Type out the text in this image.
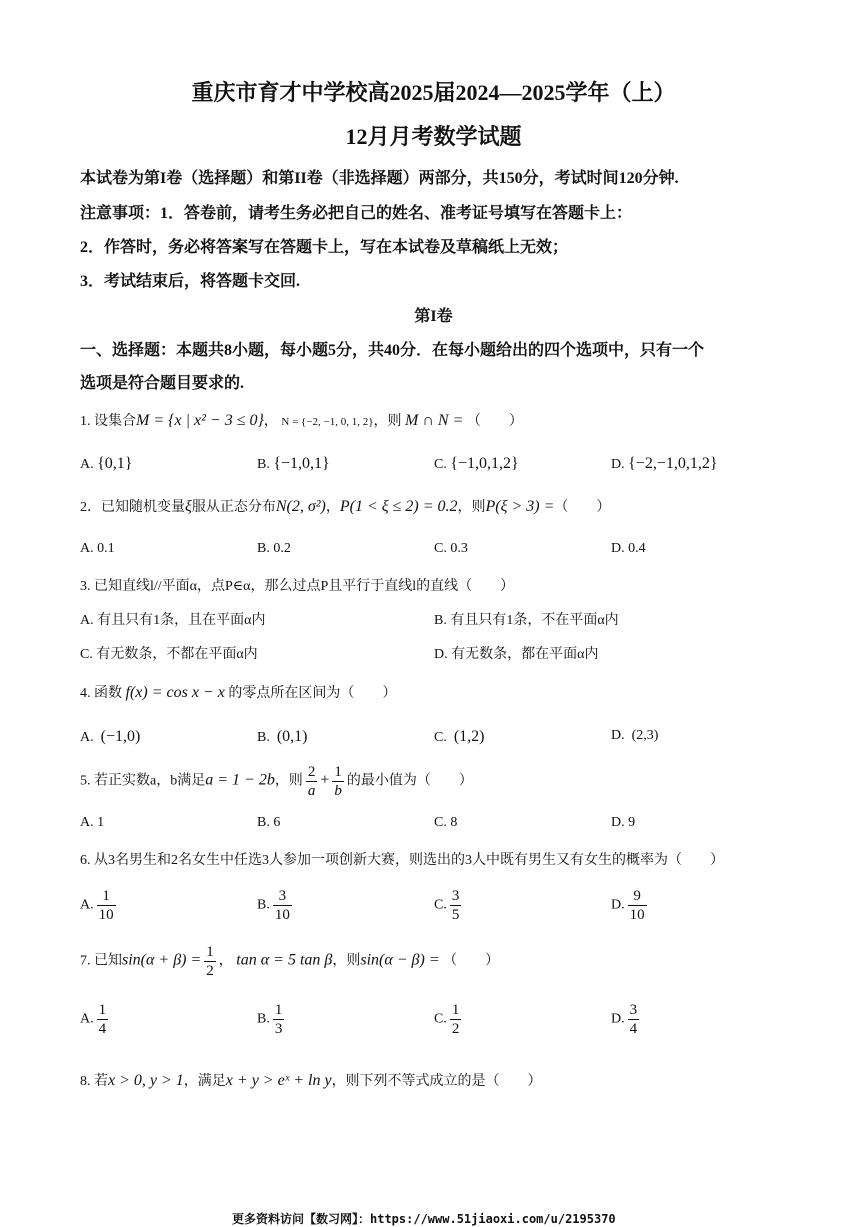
重庆市育才中学校高2025届2024—2025学年（上）
12月月考数学试题
本试卷为第I卷（选择题）和第II卷（非选择题）两部分，共150分，考试时间120分钟.
注意事项：1．答卷前，请考生务必把自己的姓名、准考证号填写在答题卡上：
2．作答时，务必将答案写在答题卡上，写在本试卷及草稿纸上无效；
3．考试结束后，将答题卡交回.
第I卷
一、选择题：本题共8小题，每小题5分，共40分．在每小题给出的四个选项中，只有一个
选项是符合题目要求的.
1. 设集合M = {x | x² − 3 ≤ 0}， N = {−2, −1, 0, 1, 2}，则 M ∩ N = （　　）
A. {0,1}	B. {−1,0,1}	C. {−1,0,1,2}	D. {−2,−1,0,1,2}
2．已知随机变量ξ服从正态分布N(2, σ²)，P(1 < ξ ≤ 2) = 0.2，则P(ξ > 3) =（　　）
A. 0.1	B. 0.2	C. 0.3	D. 0.4
3. 已知直线l//平面α，点P∈α，那么过点P且平行于直线l的直线（　　）
A. 有且只有1条，且在平面α内	B. 有且只有1条，不在平面α内
C. 有无数条，不都在平面α内	D. 有无数条，都在平面α内
4. 函数 f(x) = cos x − x 的零点所在区间为（　　）
A. (−1,0)	B. (0,1)	C. (1,2)	D. (2,3)
5. 若正实数a，b满足a = 1 − 2b，则 $\frac{2}{a} + \frac{1}{b}$ 的最小值为（　　）
A. 1	B. 6	C. 8	D. 9
6. 从3名男生和2名女生中任选3人参加一项创新大赛，则选出的3人中既有男生又有女生的概率为（　　）
A. $\frac{1}{10}$	B. $\frac{3}{10}$	C. $\frac{3}{5}$	D. $\frac{9}{10}$
7. 已知$\sin(\alpha + \beta) = \frac{1}{2}$ ， tan α = 5 tan β，则sin(α − β) = （　　）
A. $\frac{1}{4}$	B. $\frac{1}{3}$	C. $\frac{1}{2}$	D. $\frac{3}{4}$
8. 若x > 0, y > 1，满足x + y > eˣ + ln y，则下列不等式成立的是（　　）
更多资料访问【数习网】：https://www.51jiaoxi.com/u/2195370
